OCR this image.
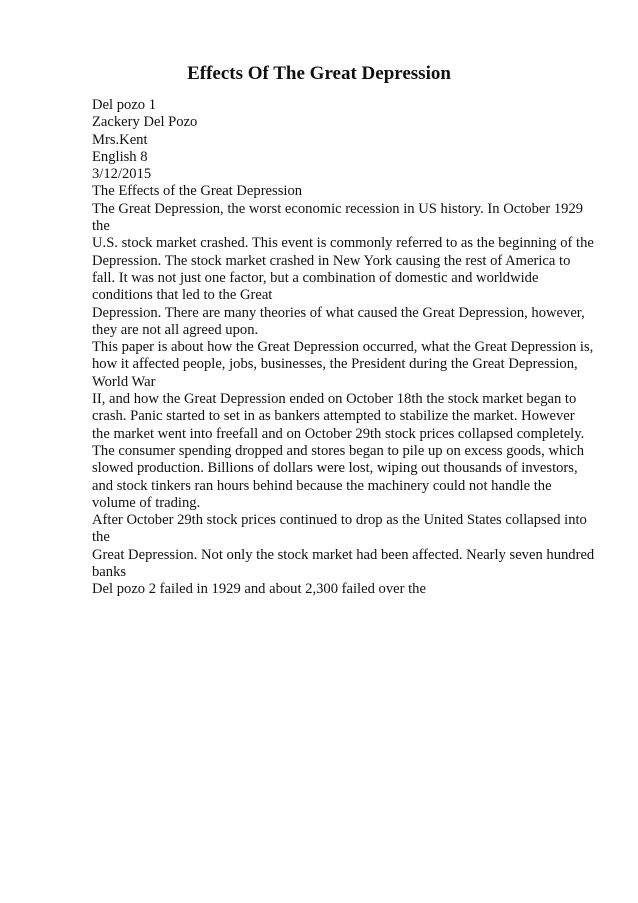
Effects Of The Great Depression
Del pozo 1
Zackery Del Pozo
Mrs.Kent
English 8
3/12/2015
The Effects of the Great Depression
The Great Depression, the worst economic recession in US history. In October 1929
the
U.S. stock market crashed. This event is commonly referred to as the beginning of the
Depression. The stock market crashed in New York causing the rest of America to
fall. It was not just one factor, but a combination of domestic and worldwide
conditions that led to the Great
Depression. There are many theories of what caused the Great Depression, however,
they are not all agreed upon.
This paper is about how the Great Depression occurred, what the Great Depression is,
how it affected people, jobs, businesses, the President during the Great Depression,
World War
II, and how the Great Depression ended on October 18th the stock market began to
crash. Panic started to set in as bankers attempted to stabilize the market. However
the market went into freefall and on October 29th stock prices collapsed completely.
The consumer spending dropped and stores began to pile up on excess goods, which
slowed production. Billions of dollars were lost, wiping out thousands of investors,
and stock tinkers ran hours behind because the machinery could not handle the
volume of trading.
After October 29th stock prices continued to drop as the United States collapsed into
the
Great Depression. Not only the stock market had been affected. Nearly seven hundred
banks
Del pozo 2 failed in 1929 and about 2,300 failed over the
